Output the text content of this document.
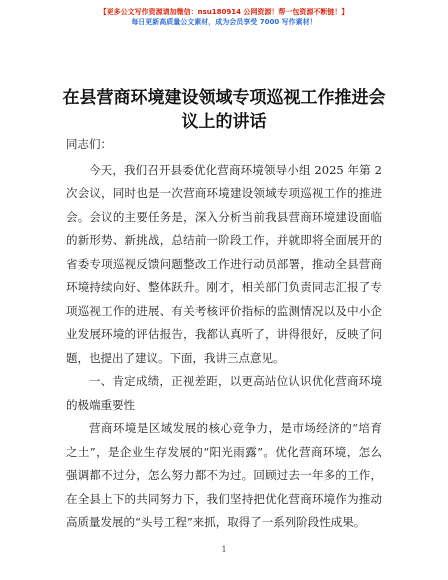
【更多公文写作资源请加微信：nsu180914 公网资源！帮一包资源不断链！】
每日更新高质量公文素材，成为会员享受 7000 写作素材！
在县营商环境建设领域专项巡视工作推进会议上的讲话

同志们：

今天，我们召开县委优化营商环境领导小组 2025 年第 2 次会议，同时也是一次营商环境建设领域专项巡视工作的推进会。会议的主要任务是，深入分析当前我县营商环境建设面临的新形势、新挑战，总结前一阶段工作，并就即将全面展开的省委专项巡视反馈问题整改工作进行动员部署，推动全县营商环境持续向好、整体跃升。刚才，相关部门负责同志汇报了专项巡视工作的进展、有关考核评价指标的监测情况以及中小企业发展环境的评估报告，我都认真听了，讲得很好，反映了问题，也提出了建议。下面，我讲三点意见。

一、肯定成绩，正视差距，以更高站位认识优化营商环境的极端重要性

营商环境是区域发展的核心竞争力，是市场经济的“培育之土”，是企业生存发展的“阳光雨露”。优化营商环境，怎么强调都不过分，怎么努力都不为过。回顾过去一年多的工作，在全县上下的共同努力下，我们坚持把优化营商环境作为推动高质量发展的“头号工程”来抓，取得了一系列阶段性成果。

1
